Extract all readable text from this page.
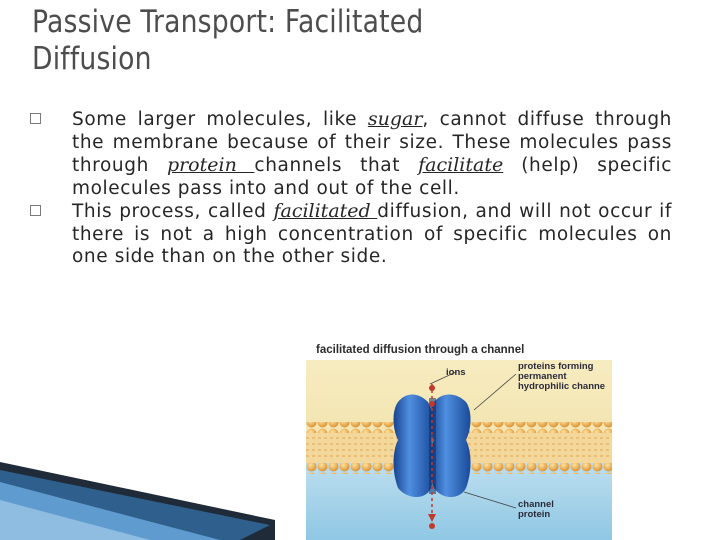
Passive Transport: Facilitated
Diffusion
Some larger molecules, like sugar, cannot diffuse through the membrane because of their size. These molecules pass through protein channels that facilitate (help) specific molecules pass into and out of the cell.
This process, called facilitated diffusion, and will not occur if there is not a high concentration of specific molecules on one side than on the other side.
facilitated diffusion through a channel
ions
proteins forming
permanent
hydrophilic channe
channel
protein
